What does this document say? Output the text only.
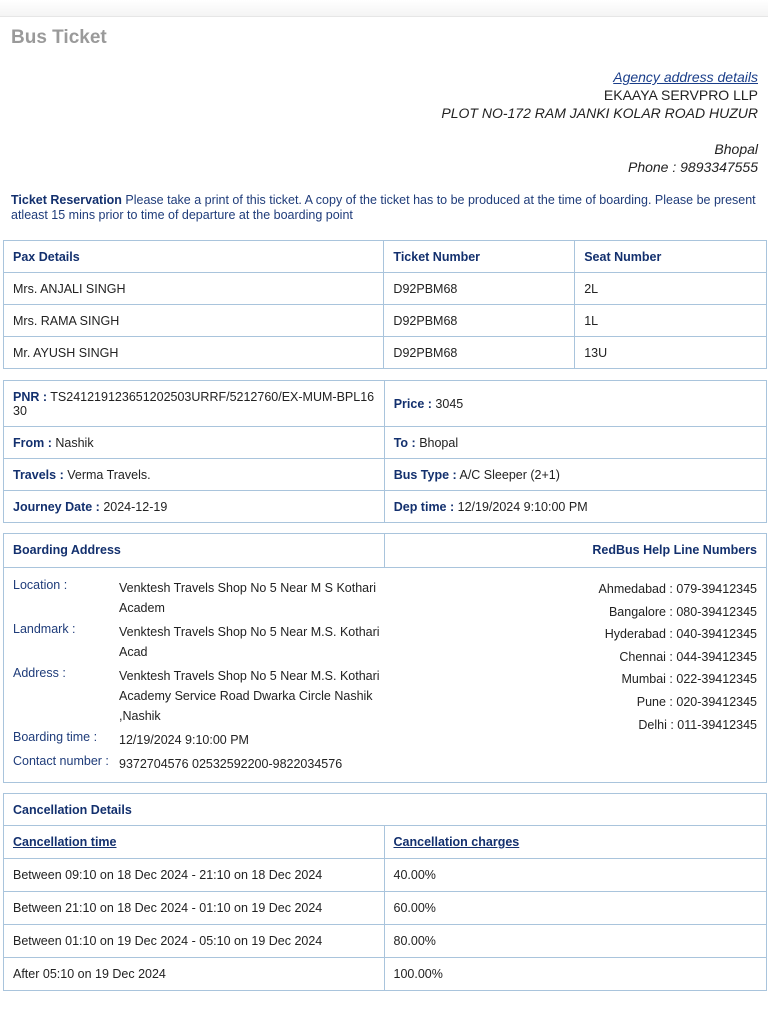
Bus Ticket
Agency address details
EKAAYA SERVPRO LLP
PLOT NO-172 RAM JANKI KOLAR ROAD HUZUR
Bhopal
Phone : 9893347555
Ticket Reservation Please take a print of this ticket. A copy of the ticket has to be produced at the time of boarding. Please be present atleast 15 mins prior to time of departure at the boarding point
Pax Details	Ticket Number	Seat Number
Mrs. ANJALI SINGH	D92PBM68	2L
Mrs. RAMA SINGH	D92PBM68	1L
Mr. AYUSH SINGH	D92PBM68	13U
PNR : TS241219123651202503URRF/5212760/EX-MUM-BPL16 30	Price : 3045
From : Nashik	To : Bhopal
Travels : Verma Travels.	Bus Type : A/C Sleeper (2+1)
Journey Date : 2024-12-19	Dep time : 12/19/2024 9:10:00 PM
Boarding Address	RedBus Help Line Numbers
Location :	Venktesh Travels Shop No 5 Near M S Kothari Academ
Landmark :	Venktesh Travels Shop No 5 Near M.S. Kothari Acad
Address :	Venktesh Travels Shop No 5 Near M.S. Kothari Academy Service Road Dwarka Circle Nashik ,Nashik
Boarding time :	12/19/2024 9:10:00 PM
Contact number : 9372704576 02532592200-9822034576
Ahmedabad : 079-39412345
Bangalore : 080-39412345
Hyderabad : 040-39412345
Chennai : 044-39412345
Mumbai : 022-39412345
Pune : 020-39412345
Delhi : 011-39412345
Cancellation Details	
Cancellation time	Cancellation charges
Between 09:10 on 18 Dec 2024 - 21:10 on 18 Dec 2024	40.00%
Between 21:10 on 18 Dec 2024 - 01:10 on 19 Dec 2024	60.00%
Between 01:10 on 19 Dec 2024 - 05:10 on 19 Dec 2024	80.00%
After 05:10 on 19 Dec 2024	100.00%
